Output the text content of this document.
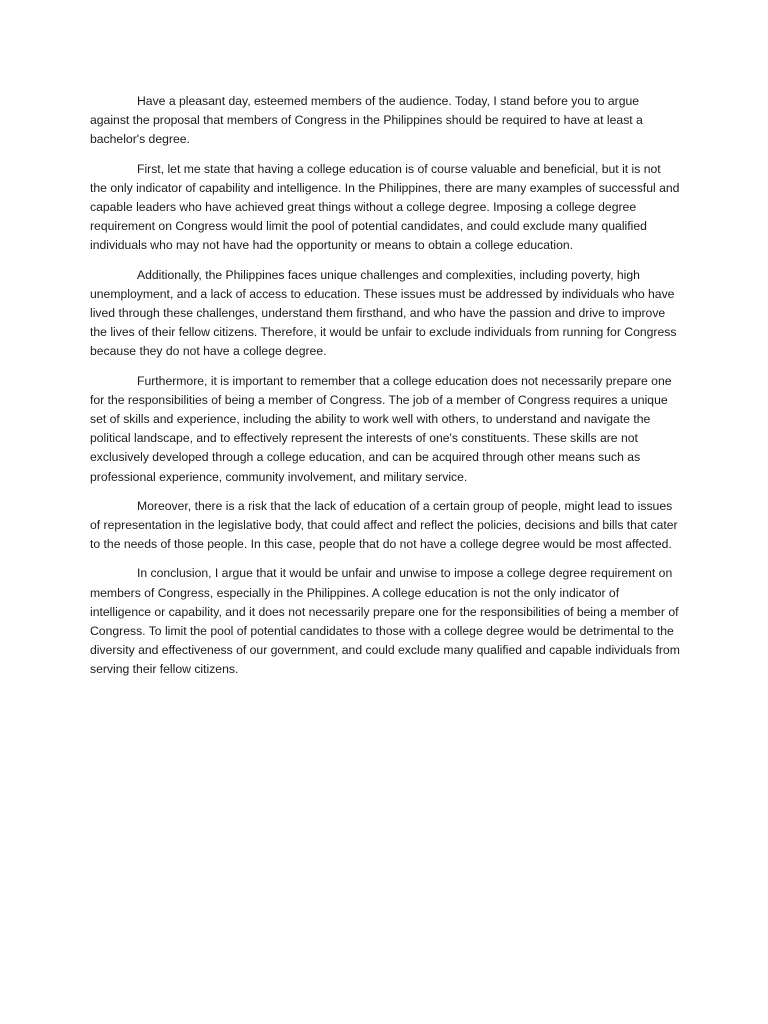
Have a pleasant day, esteemed members of the audience. Today, I stand before you to argue against the proposal that members of Congress in the Philippines should be required to have at least a bachelor's degree.

First, let me state that having a college education is of course valuable and beneficial, but it is not the only indicator of capability and intelligence. In the Philippines, there are many examples of successful and capable leaders who have achieved great things without a college degree. Imposing a college degree requirement on Congress would limit the pool of potential candidates, and could exclude many qualified individuals who may not have had the opportunity or means to obtain a college education.

Additionally, the Philippines faces unique challenges and complexities, including poverty, high unemployment, and a lack of access to education. These issues must be addressed by individuals who have lived through these challenges, understand them firsthand, and who have the passion and drive to improve the lives of their fellow citizens. Therefore, it would be unfair to exclude individuals from running for Congress because they do not have a college degree.

Furthermore, it is important to remember that a college education does not necessarily prepare one for the responsibilities of being a member of Congress. The job of a member of Congress requires a unique set of skills and experience, including the ability to work well with others, to understand and navigate the political landscape, and to effectively represent the interests of one's constituents. These skills are not exclusively developed through a college education, and can be acquired through other means such as professional experience, community involvement, and military service.

Moreover, there is a risk that the lack of education of a certain group of people, might lead to issues of representation in the legislative body, that could affect and reflect the policies, decisions and bills that cater to the needs of those people. In this case, people that do not have a college degree would be most affected.

In conclusion, I argue that it would be unfair and unwise to impose a college degree requirement on members of Congress, especially in the Philippines. A college education is not the only indicator of intelligence or capability, and it does not necessarily prepare one for the responsibilities of being a member of Congress. To limit the pool of potential candidates to those with a college degree would be detrimental to the diversity and effectiveness of our government, and could exclude many qualified and capable individuals from serving their fellow citizens.
